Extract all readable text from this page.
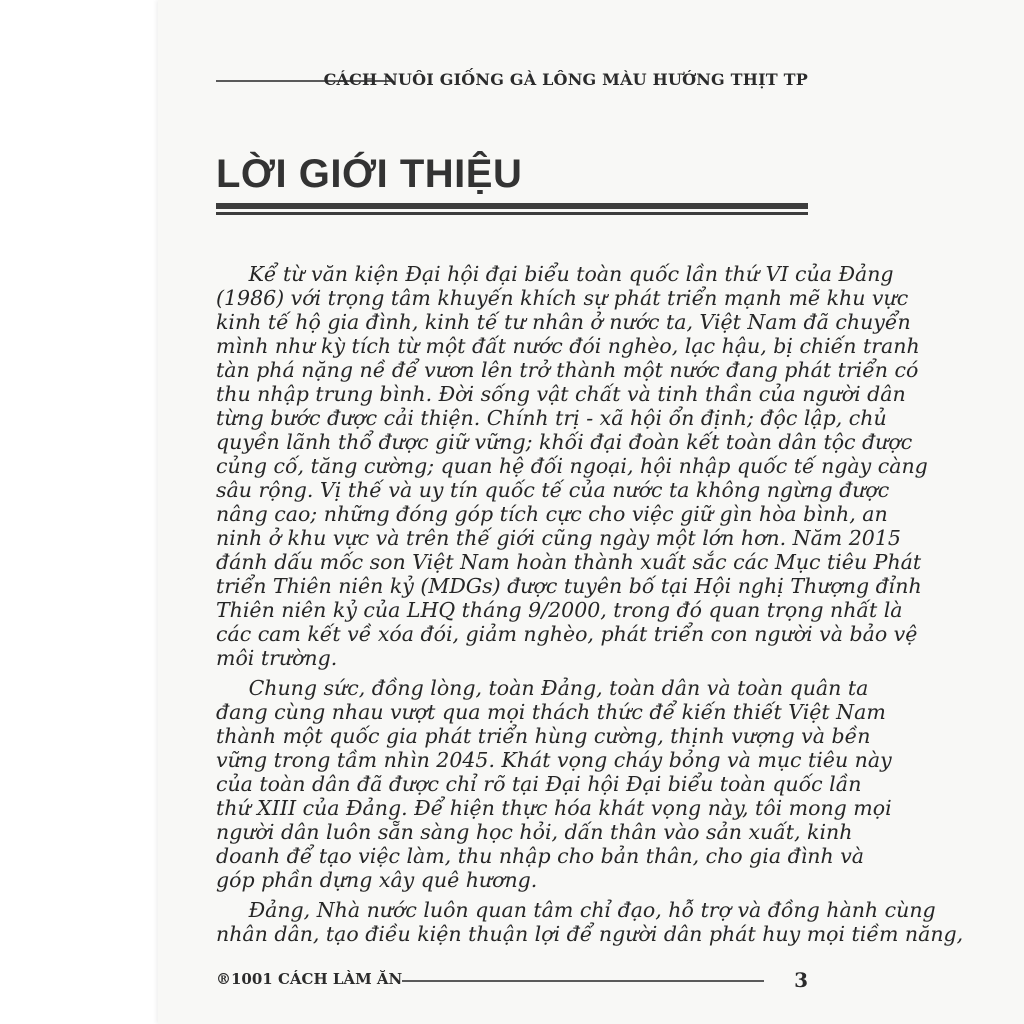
CÁCH NUÔI GIỐNG GÀ LÔNG MÀU HƯỚNG THỊT TP
LỜI GIỚI THIỆU
Kể từ văn kiện Đại hội đại biểu toàn quốc lần thứ VI của Đảng
(1986) với trọng tâm khuyến khích sự phát triển mạnh mẽ khu vực
kinh tế hộ gia đình, kinh tế tư nhân ở nước ta, Việt Nam đã chuyển
mình như kỳ tích từ một đất nước đói nghèo, lạc hậu, bị chiến tranh
tàn phá nặng nề để vươn lên trở thành một nước đang phát triển có
thu nhập trung bình. Đời sống vật chất và tinh thần của người dân
từng bước được cải thiện. Chính trị - xã hội ổn định; độc lập, chủ
quyền lãnh thổ được giữ vững; khối đại đoàn kết toàn dân tộc được
củng cố, tăng cường; quan hệ đối ngoại, hội nhập quốc tế ngày càng
sâu rộng. Vị thế và uy tín quốc tế của nước ta không ngừng được
nâng cao; những đóng góp tích cực cho việc giữ gìn hòa bình, an
ninh ở khu vực và trên thế giới cũng ngày một lớn hơn. Năm 2015
đánh dấu mốc son Việt Nam hoàn thành xuất sắc các Mục tiêu Phát
triển Thiên niên kỷ (MDGs) được tuyên bố tại Hội nghị Thượng đỉnh
Thiên niên kỷ của LHQ tháng 9/2000, trong đó quan trọng nhất là
các cam kết về xóa đói, giảm nghèo, phát triển con người và bảo vệ
môi trường.
Chung sức, đồng lòng, toàn Đảng, toàn dân và toàn quân ta
đang cùng nhau vượt qua mọi thách thức để kiến thiết Việt Nam
thành một quốc gia phát triển hùng cường, thịnh vượng và bền
vững trong tầm nhìn 2045. Khát vọng cháy bỏng và mục tiêu này
của toàn dân đã được chỉ rõ tại Đại hội Đại biểu toàn quốc lần
thứ XIII của Đảng. Để hiện thực hóa khát vọng này, tôi mong mọi
người dân luôn sẵn sàng học hỏi, dấn thân vào sản xuất, kinh
doanh để tạo việc làm, thu nhập cho bản thân, cho gia đình và
góp phần dựng xây quê hương.
Đảng, Nhà nước luôn quan tâm chỉ đạo, hỗ trợ và đồng hành cùng
nhân dân, tạo điều kiện thuận lợi để người dân phát huy mọi tiềm năng,
®1001 CÁCH LÀM ĂN	3
